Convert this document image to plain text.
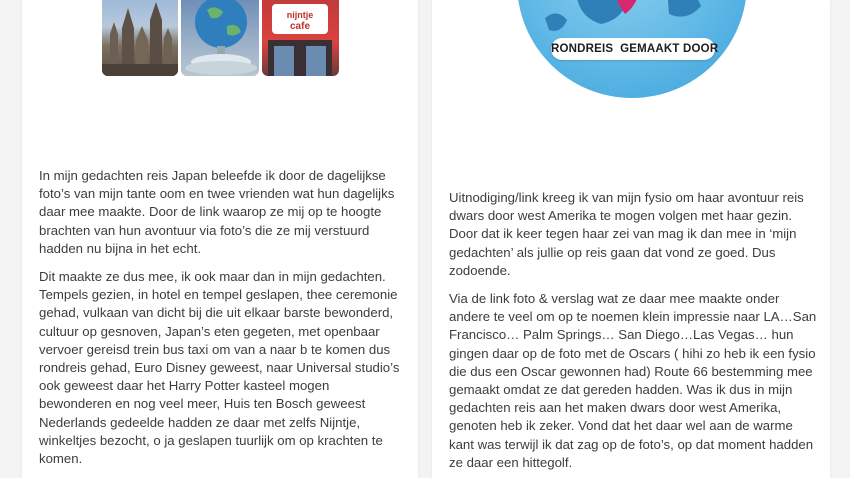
nijntje
cafe

In mijn gedachten reis Japan beleefde ik door de dagelijkse foto’s van mijn tante oom en twee vrienden wat hun dagelijks daar mee maakte. Door de link waarop ze mij op te hoogte brachten van hun avontuur via foto’s die ze mij verstuurd hadden nu bijna in het echt.

Dit maakte ze dus mee, ik ook maar dan in mijn gedachten. Tempels gezien, in hotel en tempel geslapen, thee ceremonie gehad, vulkaan van dicht bij die uit elkaar barste bewonderd, cultuur op gesnoven, Japan’s eten gegeten, met openbaar vervoer gereisd trein bus taxi om van a naar b te komen dus rondreis gehad, Euro Disney geweest, naar Universal studio’s ook geweest daar het Harry Potter kasteel mogen bewonderen en nog veel meer, Huis ten Bosch geweest Nederlands gedeelde hadden ze daar met zelfs Nijntje, winkeltjes bezocht, o ja geslapen tuurlijk om op krachten te komen.

RONDREIS  GEMAAKT DOOR

Uitnodiging/link kreeg ik van mijn fysio om haar avontuur reis dwars door west Amerika te mogen volgen met haar gezin. Door dat ik keer tegen haar zei van mag ik dan mee in ‘mijn gedachten’ als jullie op reis gaan dat vond ze goed. Dus zodoende.

Via de link foto & verslag wat ze daar mee maakte onder andere te veel om op te noemen klein impressie naar LA…San Francisco… Palm Springs… San Diego…Las Vegas… hun gingen daar op de foto met de Oscars ( hihi zo heb ik een fysio die dus een Oscar gewonnen had) Route 66 bestemming mee gemaakt omdat ze dat gereden hadden. Was ik dus in mijn gedachten reis aan het maken dwars door west Amerika, genoten heb ik zeker. Vond dat het daar wel aan de warme kant was terwijl ik dat zag op de foto’s, op dat moment hadden ze daar een hittegolf.
